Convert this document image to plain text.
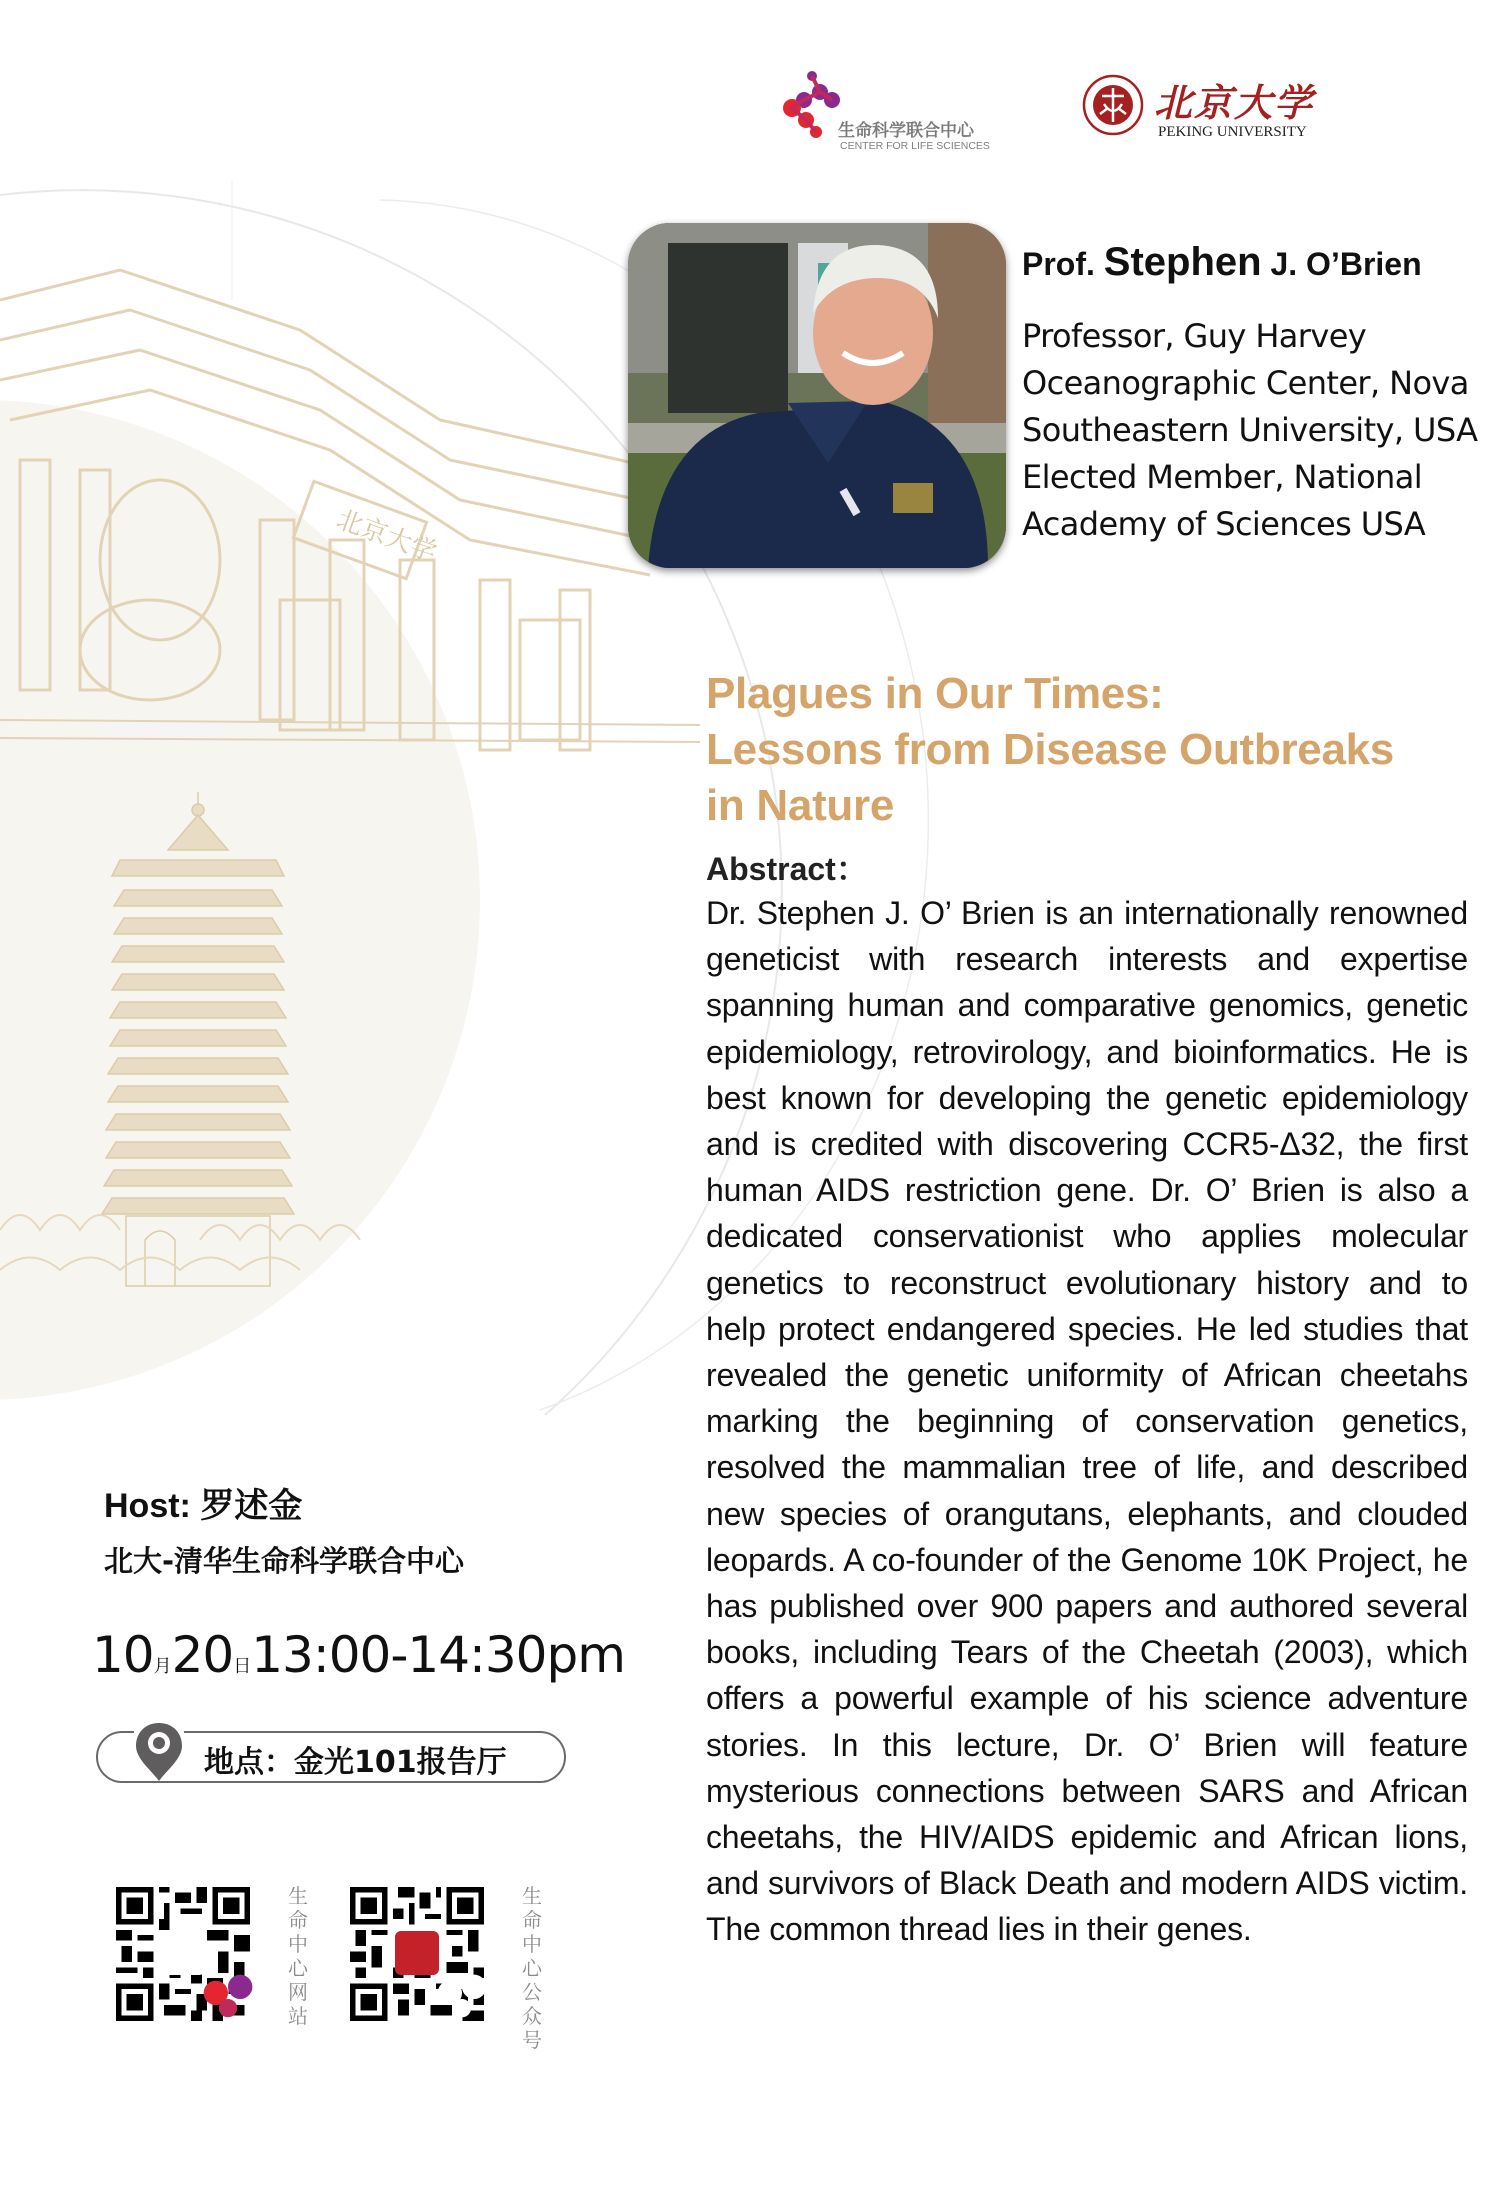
北京大学
生命科学联合中心
CENTER FOR LIFE SCIENCES
北京大学
PEKING UNIVERSITY
Prof. Stephen J. O’Brien
Professor, Guy Harvey
Oceanographic Center, Nova
Southeastern University, USA
Elected Member, National
Academy of Sciences USA
Plagues in Our Times:
Lessons from Disease Outbreaks
in Nature
Abstract：
Dr. Stephen J. O’ Brien is an internationally renowned geneticist with research interests and expertise spanning human and comparative genomics, genetic epidemiology, retrovirology, and bioinformatics. He is best known for developing the genetic epidemiology and is credited with discovering CCR5-Δ32, the first human AIDS restriction gene. Dr. O’ Brien is also a dedicated conservationist who applies molecular genetics to reconstruct evolutionary history and to help protect endangered species. He led studies that revealed the genetic uniformity of African cheetahs marking the beginning of conservation genetics, resolved the mammalian tree of life, and described new species of orangutans, elephants, and clouded leopards. A co-founder of the Genome 10K Project, he has published over 900 papers and authored several books, including Tears of the Cheetah (2003), which offers a powerful example of his science adventure stories. In this lecture, Dr. O’ Brien will feature mysterious connections between SARS and African cheetahs, the HIV/AIDS epidemic and African lions, and survivors of Black Death and modern AIDS victim. The common thread lies in their genes.
Host: 罗述金
北大-清华生命科学联合中心
10月20日13:00-14:30pm
地点：金光101报告厅
生命中心网站
生命中心公众号
